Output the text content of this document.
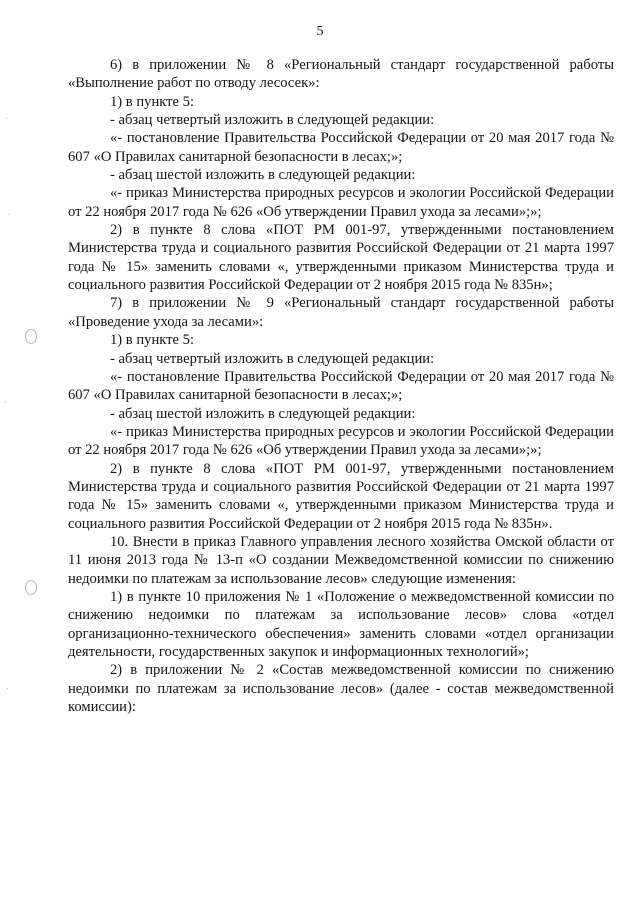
5

6) в приложении № 8 «Региональный стандарт государственной работы «Выполнение работ по отводу лесосек»:

1) в пункте 5:

- абзац четвертый изложить в следующей редакции:

«- постановление Правительства Российской Федерации от 20 мая 2017 года № 607 «О Правилах санитарной безопасности в лесах;»;

- абзац шестой изложить в следующей редакции:

«- приказ Министерства природных ресурсов и экологии Российской Федерации от 22 ноября 2017 года № 626 «Об утверждении Правил ухода за лесами»;»;

2) в пункте 8 слова «ПОТ РМ 001-97, утвержденными постановлением Министерства труда и социального развития Российской Федерации от 21 марта 1997 года № 15» заменить словами «, утвержденными приказом Министерства труда и социального развития Российской Федерации от 2 ноября 2015 года № 835н»;

7) в приложении № 9 «Региональный стандарт государственной работы «Проведение ухода за лесами»:

1) в пункте 5:

- абзац четвертый изложить в следующей редакции:

«- постановление Правительства Российской Федерации от 20 мая 2017 года № 607 «О Правилах санитарной безопасности в лесах;»;

- абзац шестой изложить в следующей редакции:

«- приказ Министерства природных ресурсов и экологии Российской Федерации от 22 ноября 2017 года № 626 «Об утверждении Правил ухода за лесами»;»;

2) в пункте 8 слова «ПОТ РМ 001-97, утвержденными постановлением Министерства труда и социального развития Российской Федерации от 21 марта 1997 года № 15» заменить словами «, утвержденными приказом Министерства труда и социального развития Российской Федерации от 2 ноября 2015 года № 835н».

10. Внести в приказ Главного управления лесного хозяйства Омской области от 11 июня 2013 года № 13-п «О создании Межведомственной комиссии по снижению недоимки по платежам за использование лесов» следующие изменения:

1) в пункте 10 приложения № 1 «Положение о межведомственной комиссии по снижению недоимки по платежам за использование лесов» слова «отдел организационно-технического обеспечения» заменить словами «отдел организации деятельности, государственных закупок и информационных технологий»;

2) в приложении № 2 «Состав межведомственной комиссии по снижению недоимки по платежам за использование лесов» (далее - состав межведомственной комиссии):
